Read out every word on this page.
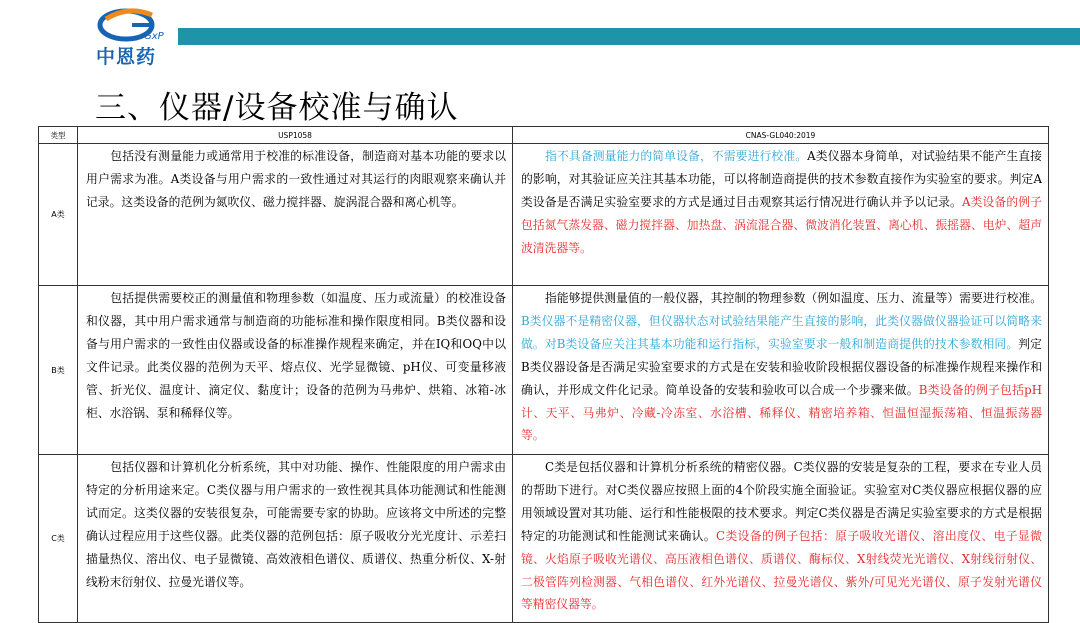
GxP
中恩药
三、仪器/设备校准与确认
类型	USP1058	CNAS-GL040:2019
A类	包括没有测量能力或通常用于校准的标准设备，制造商对基本功能的要求以用户需求为准。A类设备与用户需求的一致性通过对其运行的肉眼观察来确认并记录。这类设备的范例为氮吹仪、磁力搅拌器、旋涡混合器和离心机等。	指不具备测量能力的简单设备，不需要进行校准。A类仪器本身简单，对试验结果不能产生直接的影响，对其验证应关注其基本功能，可以将制造商提供的技术参数直接作为实验室的要求。判定A类设备是否满足实验室要求的方式是通过目击观察其运行情况进行确认并予以记录。A类设备的例子包括氮气蒸发器、磁力搅拌器、加热盘、涡流混合器、微波消化装置、离心机、振摇器、电炉、超声波清洗器等。

B类	包括提供需要校正的测量值和物理参数（如温度、压力或流量）的校准设备和仪器，其中用户需求通常与制造商的功能标准和操作限度相同。B类仪器和设备与用户需求的一致性由仪器或设备的标准操作规程来确定，并在IQ和OQ中以文件记录。此类仪器的范例为天平、熔点仪、光学显微镜、pH仪、可变量移液管、折光仪、温度计、滴定仪、黏度计；设备的范例为马弗炉、烘箱、冰箱-冰柜、水浴锅、泵和稀释仪等。	指能够提供测量值的一般仪器，其控制的物理参数（例如温度、压力、流量等）需要进行校准。B类仪器不是精密仪器，但仪器状态对试验结果能产生直接的影响，此类仪器做仪器验证可以简略来做。对B类设备应关注其基本功能和运行指标，实验室要求一般和制造商提供的技术参数相同。判定B类仪器设备是否满足实验室要求的方式是在安装和验收阶段根据仪器设备的标准操作规程来操作和确认，并形成文件化记录。简单设备的安装和验收可以合成一个步骤来做。B类设备的例子包括pH计、天平、马弗炉、冷藏-冷冻室、水浴槽、稀释仪、精密培养箱、恒温恒湿振荡箱、恒温振荡器等。

C类	包括仪器和计算机化分析系统，其中对功能、操作、性能限度的用户需求由特定的分析用途来定。C类仪器与用户需求的一致性视其具体功能测试和性能测试而定。这类仪器的安装很复杂，可能需要专家的协助。应该将文中所述的完整确认过程应用于这些仪器。此类仪器的范例包括：原子吸收分光光度计、示差扫描量热仪、溶出仪、电子显微镜、高效液相色谱仪、质谱仪、热重分析仪、X-射线粉末衍射仪、拉曼光谱仪等。	C类是包括仪器和计算机分析系统的精密仪器。C类仪器的安装是复杂的工程，要求在专业人员的帮助下进行。对C类仪器应按照上面的4个阶段实施全面验证。实验室对C类仪器应根据仪器的应用领域设置对其功能、运行和性能极限的技术要求。判定C类仪器是否满足实验室要求的方式是根据特定的功能测试和性能测试来确认。C类设备的例子包括：原子吸收光谱仪、溶出度仪、电子显微镜、火焰原子吸收光谱仪、高压液相色谱仪、质谱仪、酶标仪、X射线荧光光谱仪、X射线衍射仪、二极管阵列检测器、气相色谱仪、红外光谱仪、拉曼光谱仪、紫外/可见光光谱仪、原子发射光谱仪等精密仪器等。
